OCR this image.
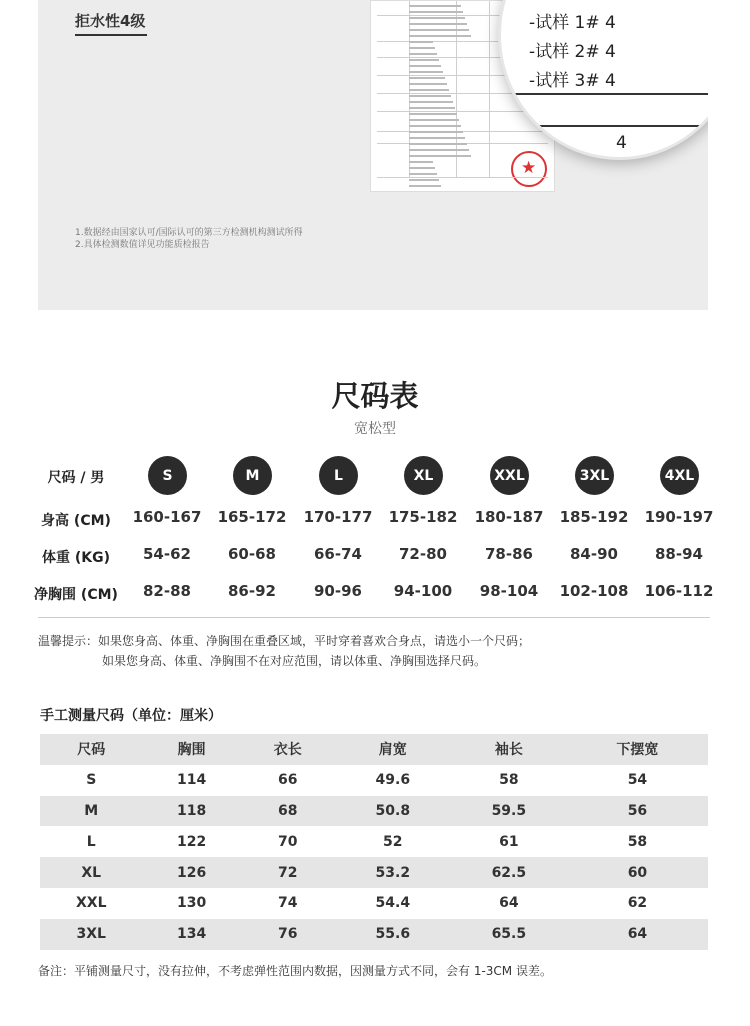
拒水性4级
★	-试样 1# 4
-试样 2# 4
-试样 3# 4
4
1.数据经由国家认可/国际认可的第三方检测机构测试所得
2.具体检测数值详见功能质检报告
尺码表
宽松型
尺码 / 男	S	M	L	XL	XXL	3XL	4XL
身高 (CM)	160-167	165-172	170-177	175-182	180-187	185-192	190-197
体重 (KG)	54-62	60-68	66-74	72-80	78-86	84-90	88-94
净胸围 (CM)	82-88	86-92	90-96	94-100	98-104	102-108	106-112
温馨提示：如果您身高、体重、净胸围在重叠区域，平时穿着喜欢合身点，请选小一个尺码；
如果您身高、体重、净胸围不在对应范围，请以体重、净胸围选择尺码。
手工测量尺码（单位：厘米）
尺码	胸围	衣长	肩宽	袖长	下摆宽
S	114	66	49.6	58	54
M	118	68	50.8	59.5	56
L	122	70	52	61	58
XL	126	72	53.2	62.5	60
XXL	130	74	54.4	64	62
3XL	134	76	55.6	65.5	64
备注：平铺测量尺寸，没有拉伸，不考虑弹性范围内数据，因测量方式不同，会有 1-3CM 误差。
